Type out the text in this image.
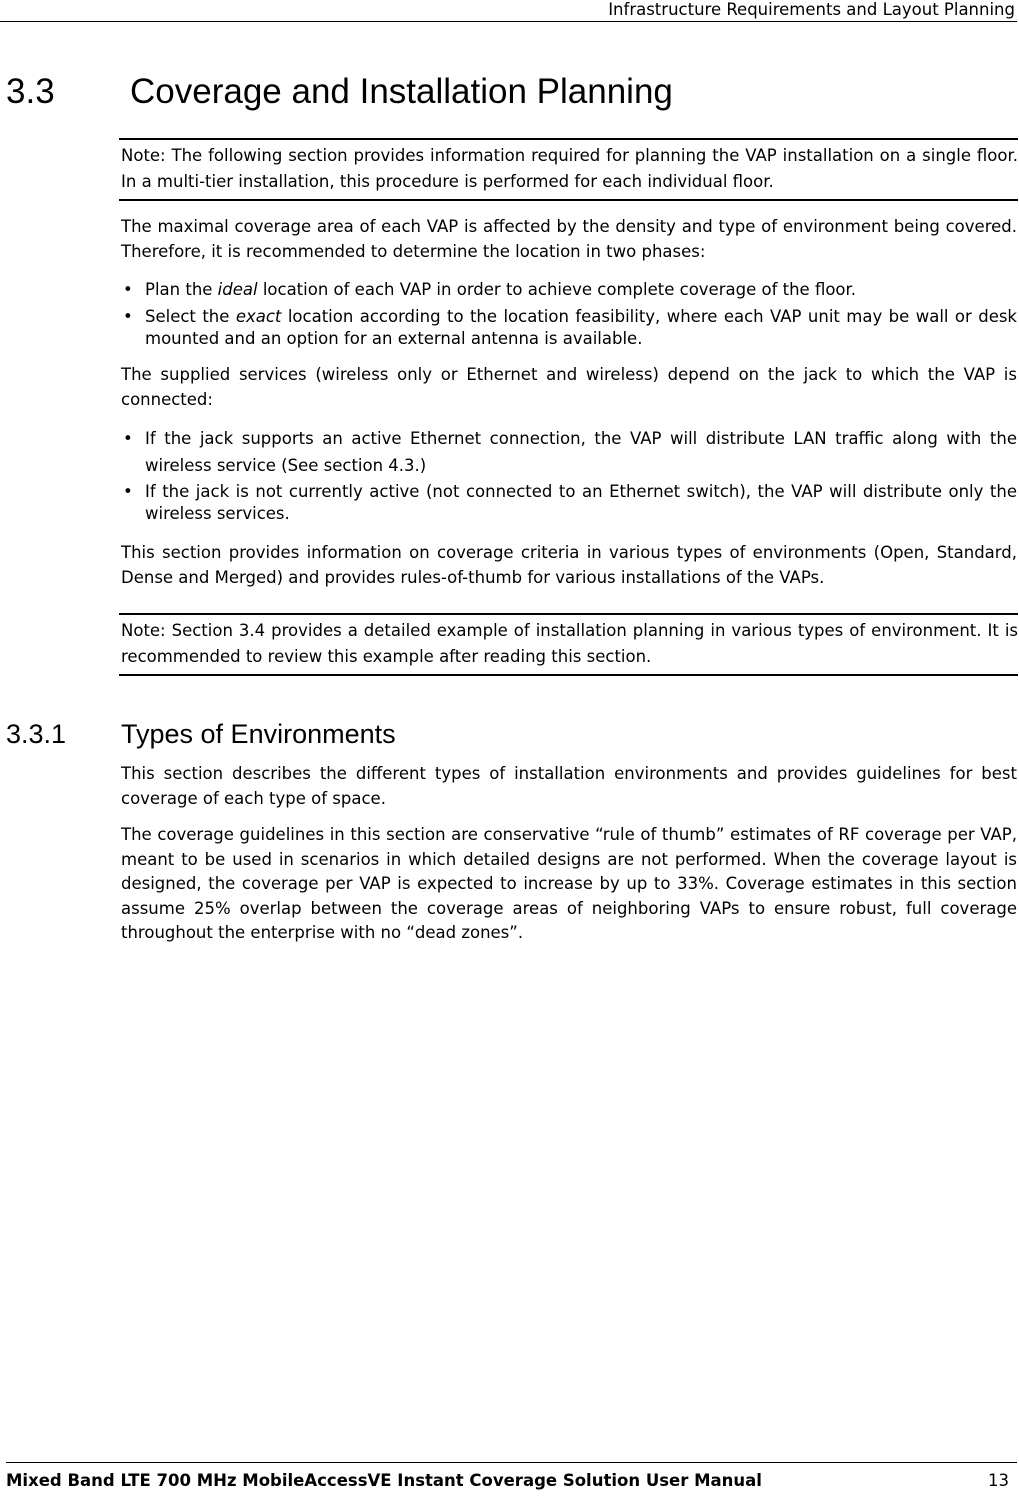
Infrastructure Requirements and Layout Planning
3.3 Coverage and Installation Planning
Note: The following section provides information required for planning the VAP installation on a single floor. In a multi-tier installation, this procedure is performed for each individual floor.
The maximal coverage area of each VAP is affected by the density and type of environment being covered. Therefore, it is recommended to determine the location in two phases:
• Plan the ideal location of each VAP in order to achieve complete coverage of the floor.
• Select the exact location according to the location feasibility, where each VAP unit may be wall or desk mounted and an option for an external antenna is available.
The supplied services (wireless only or Ethernet and wireless) depend on the jack to which the VAP is connected:
• If the jack supports an active Ethernet connection, the VAP will distribute LAN traffic along with the wireless service (See section 4.3.)
• If the jack is not currently active (not connected to an Ethernet switch), the VAP will distribute only the wireless services.
This section provides information on coverage criteria in various types of environments (Open, Standard, Dense and Merged) and provides rules-of-thumb for various installations of the VAPs.
Note: Section 3.4 provides a detailed example of installation planning in various types of environment. It is recommended to review this example after reading this section.
3.3.1 Types of Environments
This section describes the different types of installation environments and provides guidelines for best coverage of each type of space.
The coverage guidelines in this section are conservative “rule of thumb” estimates of RF coverage per VAP, meant to be used in scenarios in which detailed designs are not performed. When the coverage layout is designed, the coverage per VAP is expected to increase by up to 33%. Coverage estimates in this section assume 25% overlap between the coverage areas of neighboring VAPs to ensure robust, full coverage throughout the enterprise with no “dead zones”.
Mixed Band LTE 700 MHz MobileAccessVE Instant Coverage Solution User Manual	13
